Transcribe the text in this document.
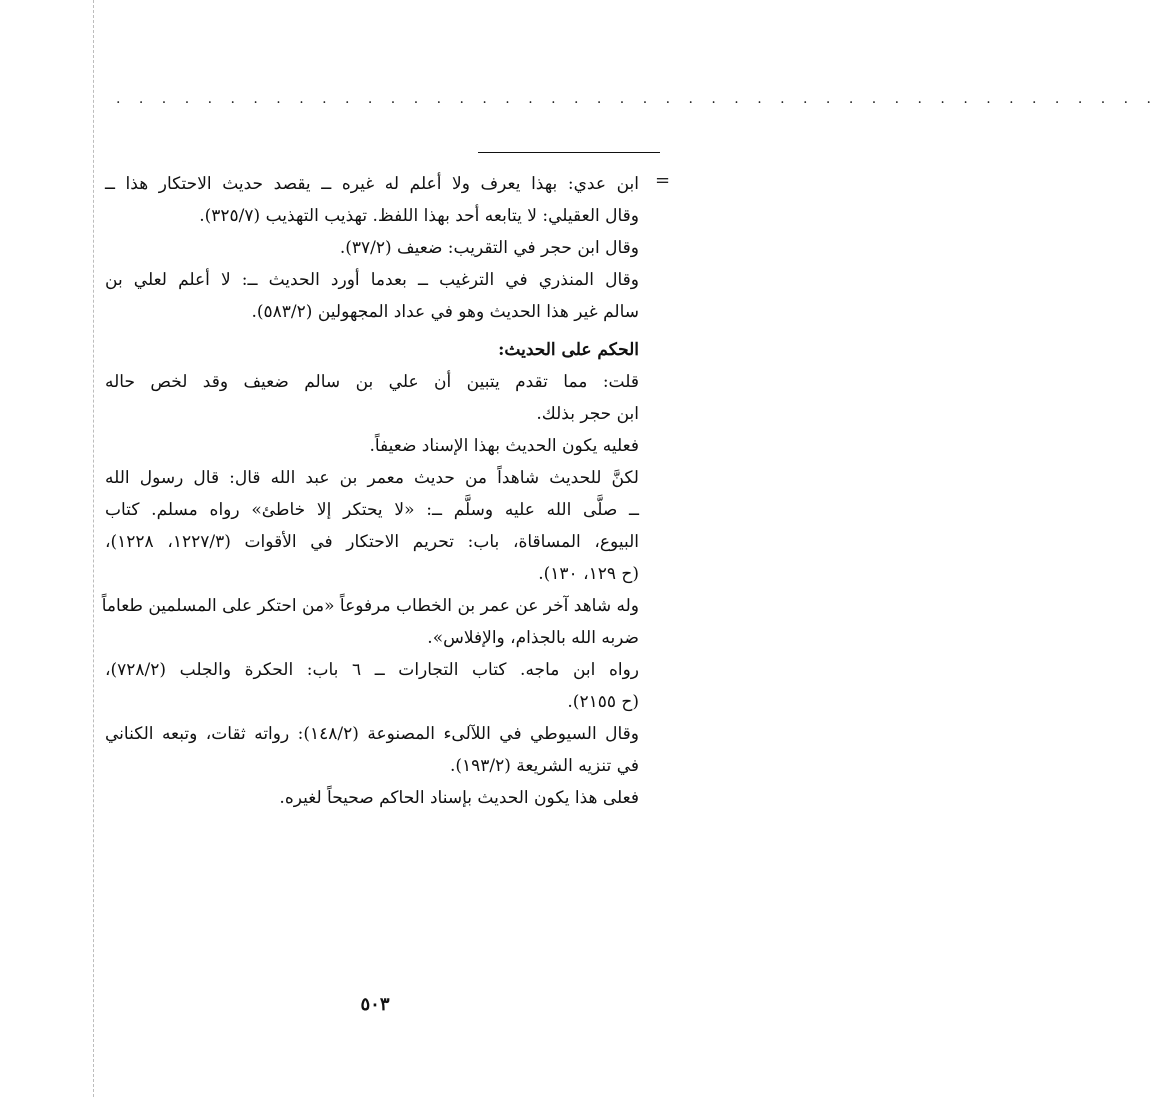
. . . . . . . . . . . . . . . . . . . . . . . . . . . . . . . . . . . . . . . . . . . . . .
=
ابن عدي: بهذا يعرف ولا أعلم له غيره ــ يقصد حديث الاحتكار هذا ــ
وقال العقيلي: لا يتابعه أحد بهذا اللفظ. تهذيب التهذيب (٣٢٥/٧).
وقال ابن حجر في التقريب: ضعيف (٣٧/٢).
وقال المنذري في الترغيب ــ بعدما أورد الحديث ــ: لا أعلم لعلي بن
سالم غير هذا الحديث وهو في عداد المجهولين (٥٨٣/٢).
الحكم على الحديث:
قلت: مما تقدم يتبين أن علي بن سالم ضعيف وقد لخص حاله
ابن حجر بذلك.
فعليه يكون الحديث بهذا الإسناد ضعيفاً.
لكنَّ للحديث شاهداً من حديث معمر بن عبد الله قال: قال رسول الله
ــ صلَّى الله عليه وسلَّم ــ: «لا يحتكر إلا خاطئ» رواه مسلم. كتاب
البيوع، المساقاة، باب: تحريم الاحتكار في الأقوات (١٢٢٧/٣، ١٢٢٨)،
(ح ١٢٩، ١٣٠).
وله شاهد آخر عن عمر بن الخطاب مرفوعاً «من احتكر على المسلمين طعاماً
ضربه الله بالجذام، والإفلاس».
رواه ابن ماجه. كتاب التجارات ــ ٦ باب: الحكرة والجلب (٧٢٨/٢)،
(ح ٢١٥٥).
وقال السيوطي في اللآلىء المصنوعة (١٤٨/٢): رواته ثقات، وتبعه الكناني
في تنزيه الشريعة (١٩٣/٢).
فعلى هذا يكون الحديث بإسناد الحاكم صحيحاً لغيره.
٥٠٣
